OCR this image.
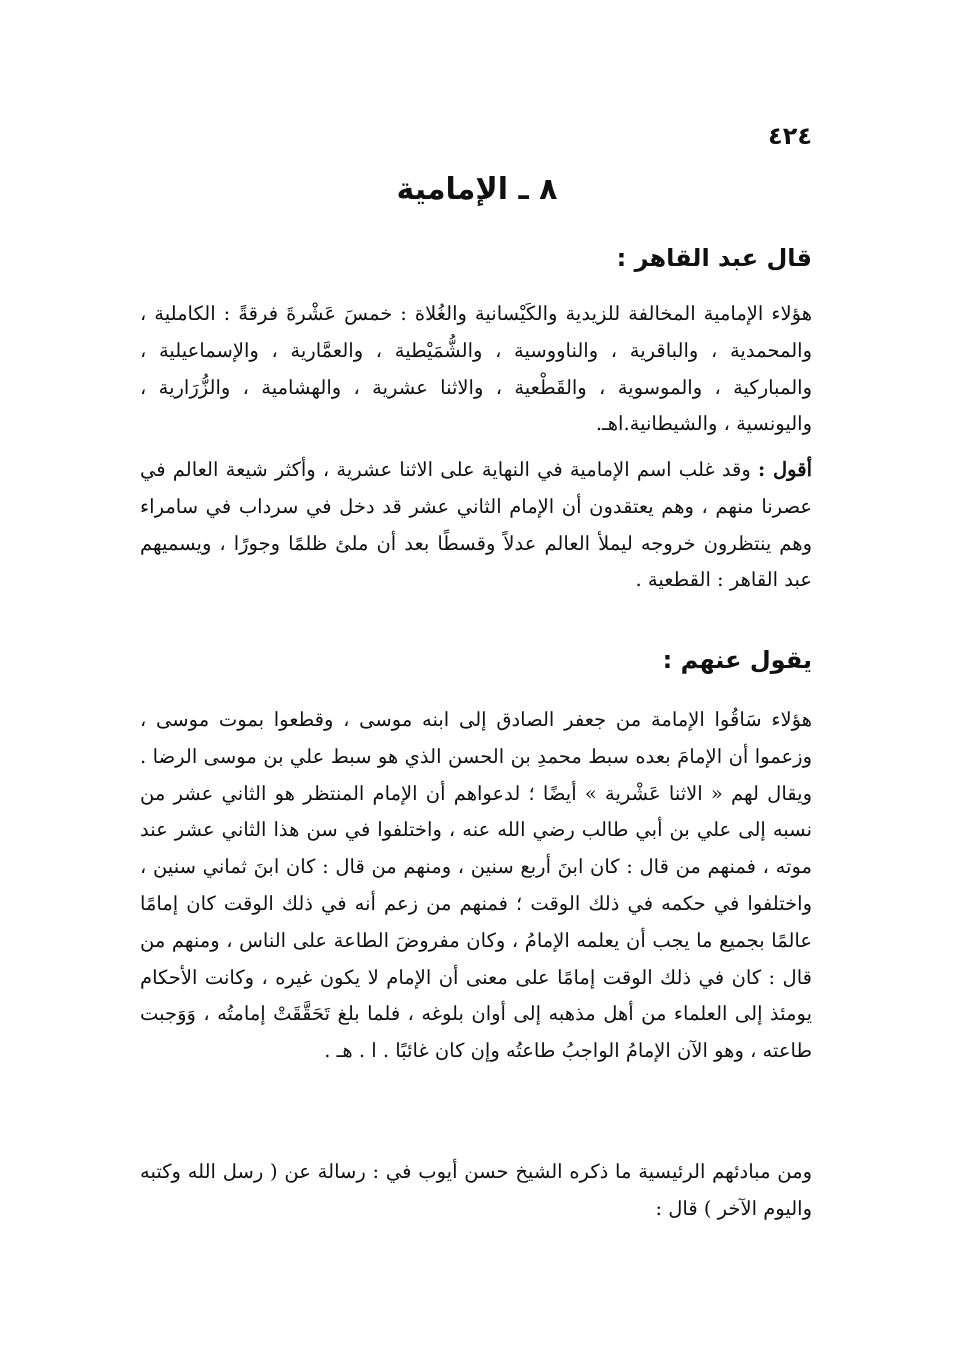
٤٢٤
٨ ـ الإمامية
قال عبد القاهر :
هؤلاء الإمامية المخالفة للزيدية والكَيْسانية والغُلاة : خمسَ عَشْرةَ فرقةً : الكاملية ، والمحمدية ، والباقرية ، والناووسية ، والشُّمَيْطية ، والعمَّارية ، والإسماعيلية ، والمباركية ، والموسوية ، والقَطْعية ، والاثنا عشرية ، والهشامية ، والزُّرَارية ، واليونسية ، والشيطانية.اهـ.
أقول : وقد غلب اسم الإمامية في النهاية على الاثنا عشرية ، وأكثر شيعة العالم في عصرنا منهم ، وهم يعتقدون أن الإمام الثاني عشر قد دخل في سرداب في سامراء وهم ينتظرون خروجه ليملأ العالم عدلاً وقسطًا بعد أن ملئ ظلمًا وجورًا ، ويسميهم عبد القاهر : القطعية .
يقول عنهم :
هؤلاء سَاقُوا الإمامة من جعفر الصادق إلى ابنه موسى ، وقطعوا بموت موسى ، وزعموا أن الإمامَ بعده سبط محمدِ بن الحسن الذي هو سبط علي بن موسى الرضا . ويقال لهم « الاثنا عَشْرية » أيضًا ؛ لدعواهم أن الإمام المنتظر هو الثاني عشر من نسبه إلى علي بن أبي طالب رضي الله عنه ، واختلفوا في سن هذا الثاني عشر عند موته ، فمنهم من قال : كان ابنَ أربع سنين ، ومنهم من قال : كان ابنَ ثماني سنين ، واختلفوا في حكمه في ذلك الوقت ؛ فمنهم من زعم أنه في ذلك الوقت كان إمامًا عالمًا بجميع ما يجب أن يعلمه الإمامُ ، وكان مفروضَ الطاعة على الناس ، ومنهم من قال : كان في ذلك الوقت إمامًا على معنى أن الإمام لا يكون غيره ، وكانت الأحكام يومئذ إلى العلماء من أهل مذهبه إلى أوان بلوغه ، فلما بلغ تَحَقَّقَتْ إمامتُه ، وَوَجبت طاعته ، وهو الآن الإمامُ الواجبُ طاعتُه وإن كان غائبًا . ا . هـ .
ومن مبادئهم الرئيسية ما ذكره الشيخ حسن أيوب في : رسالة عن ( رسل الله وكتبه واليوم الآخر ) قال :
